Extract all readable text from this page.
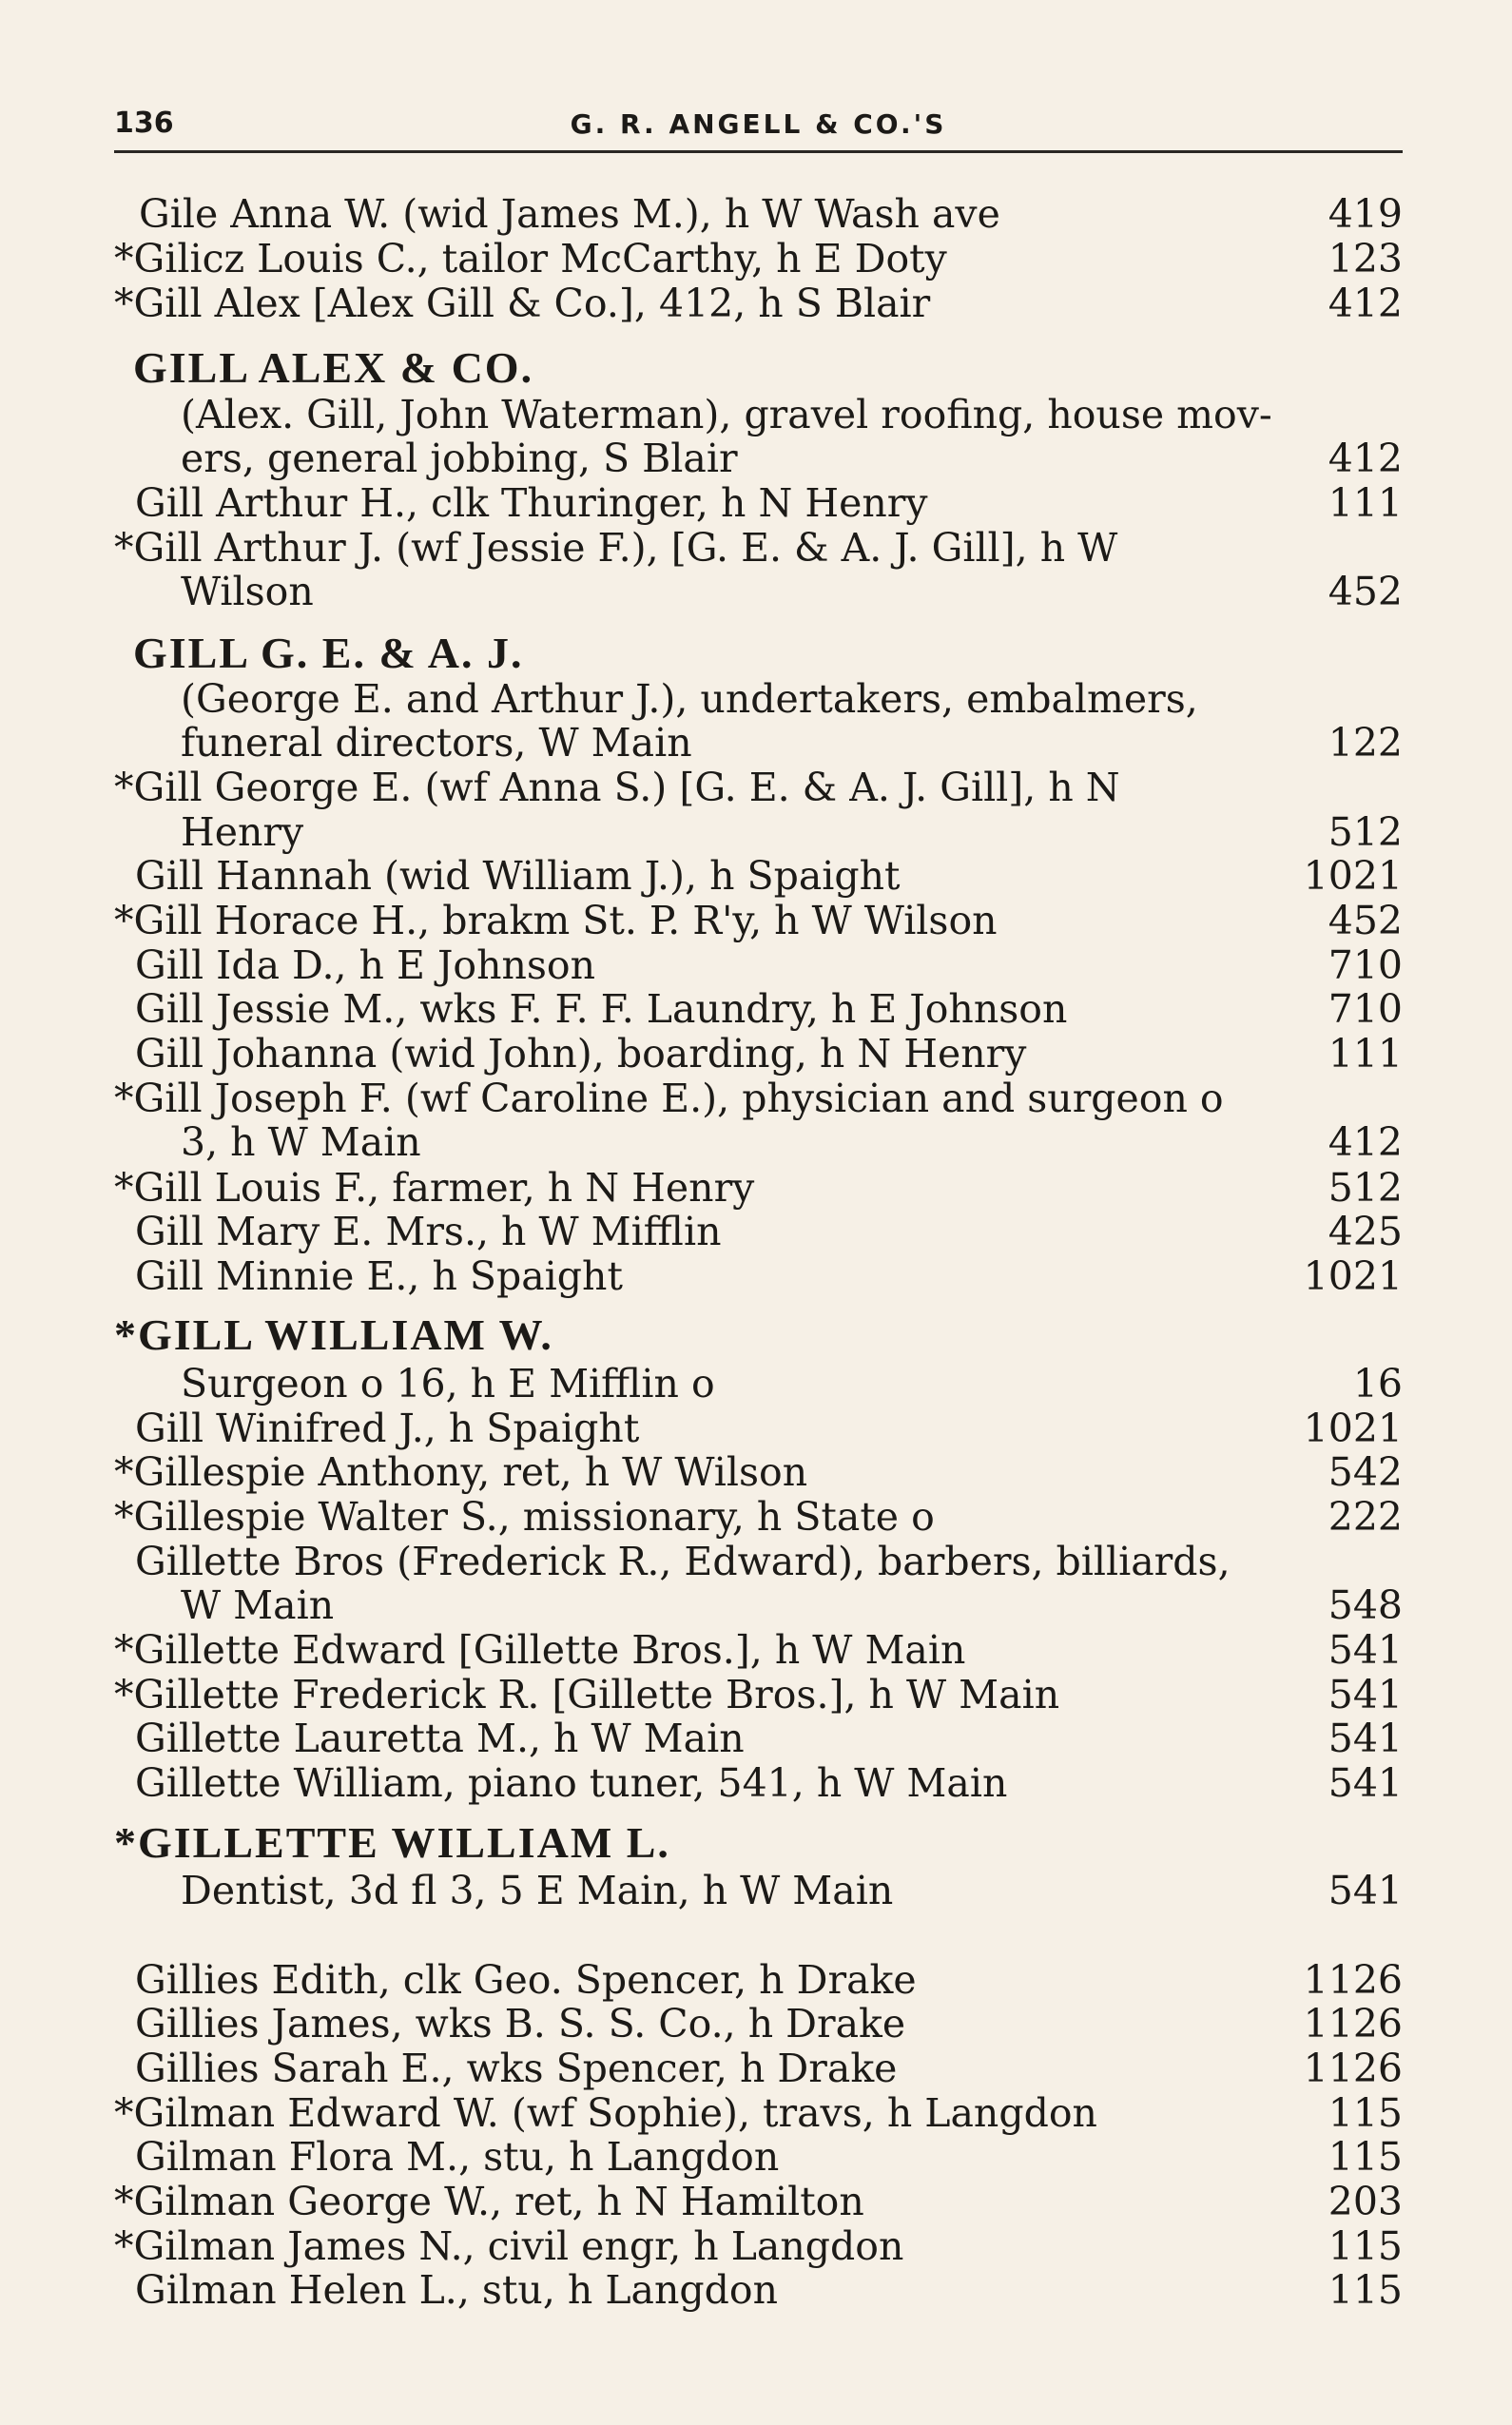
136	G. R. ANGELL & CO.'S
Gile Anna W. (wid James M.), h W Wash ave	419
*Gilicz Louis C., tailor McCarthy, h E Doty	123
*Gill Alex [Alex Gill & Co.], 412, h S Blair	412
GILL ALEX & CO.
(Alex. Gill, John Waterman), gravel roofing, house mov-
ers, general jobbing, S Blair	412
Gill Arthur H., clk Thuringer, h N Henry	111
*Gill Arthur J. (wf Jessie F.), [G. E. & A. J. Gill], h W
Wilson	452
GILL G. E. & A. J.
(George E. and Arthur J.), undertakers, embalmers,
funeral directors, W Main	122
*Gill George E. (wf Anna S.) [G. E. & A. J. Gill], h N
Henry	512
Gill Hannah (wid William J.), h Spaight	1021
*Gill Horace H., brakm St. P. R'y, h W Wilson	452
Gill Ida D., h E Johnson	710
Gill Jessie M., wks F. F. F. Laundry, h E Johnson	710
Gill Johanna (wid John), boarding, h N Henry	111
*Gill Joseph F. (wf Caroline E.), physician and surgeon o
3, h W Main	412
*Gill Louis F., farmer, h N Henry	512
Gill Mary E. Mrs., h W Mifflin	425
Gill Minnie E., h Spaight	1021
*GILL WILLIAM W.
Surgeon o 16, h E Mifflin o	16
Gill Winifred J., h Spaight	1021
*Gillespie Anthony, ret, h W Wilson	542
*Gillespie Walter S., missionary, h State o	222
Gillette Bros (Frederick R., Edward), barbers, billiards,
W Main	548
*Gillette Edward [Gillette Bros.], h W Main	541
*Gillette Frederick R. [Gillette Bros.], h W Main	541
Gillette Lauretta M., h W Main	541
Gillette William, piano tuner, 541, h W Main	541
*GILLETTE WILLIAM L.
Dentist, 3d fl 3, 5 E Main, h W Main	541
Gillies Edith, clk Geo. Spencer, h Drake	1126
Gillies James, wks B. S. S. Co., h Drake	1126
Gillies Sarah E., wks Spencer, h Drake	1126
*Gilman Edward W. (wf Sophie), travs, h Langdon	115
Gilman Flora M., stu, h Langdon	115
*Gilman George W., ret, h N Hamilton	203
*Gilman James N., civil engr, h Langdon	115
Gilman Helen L., stu, h Langdon	115
